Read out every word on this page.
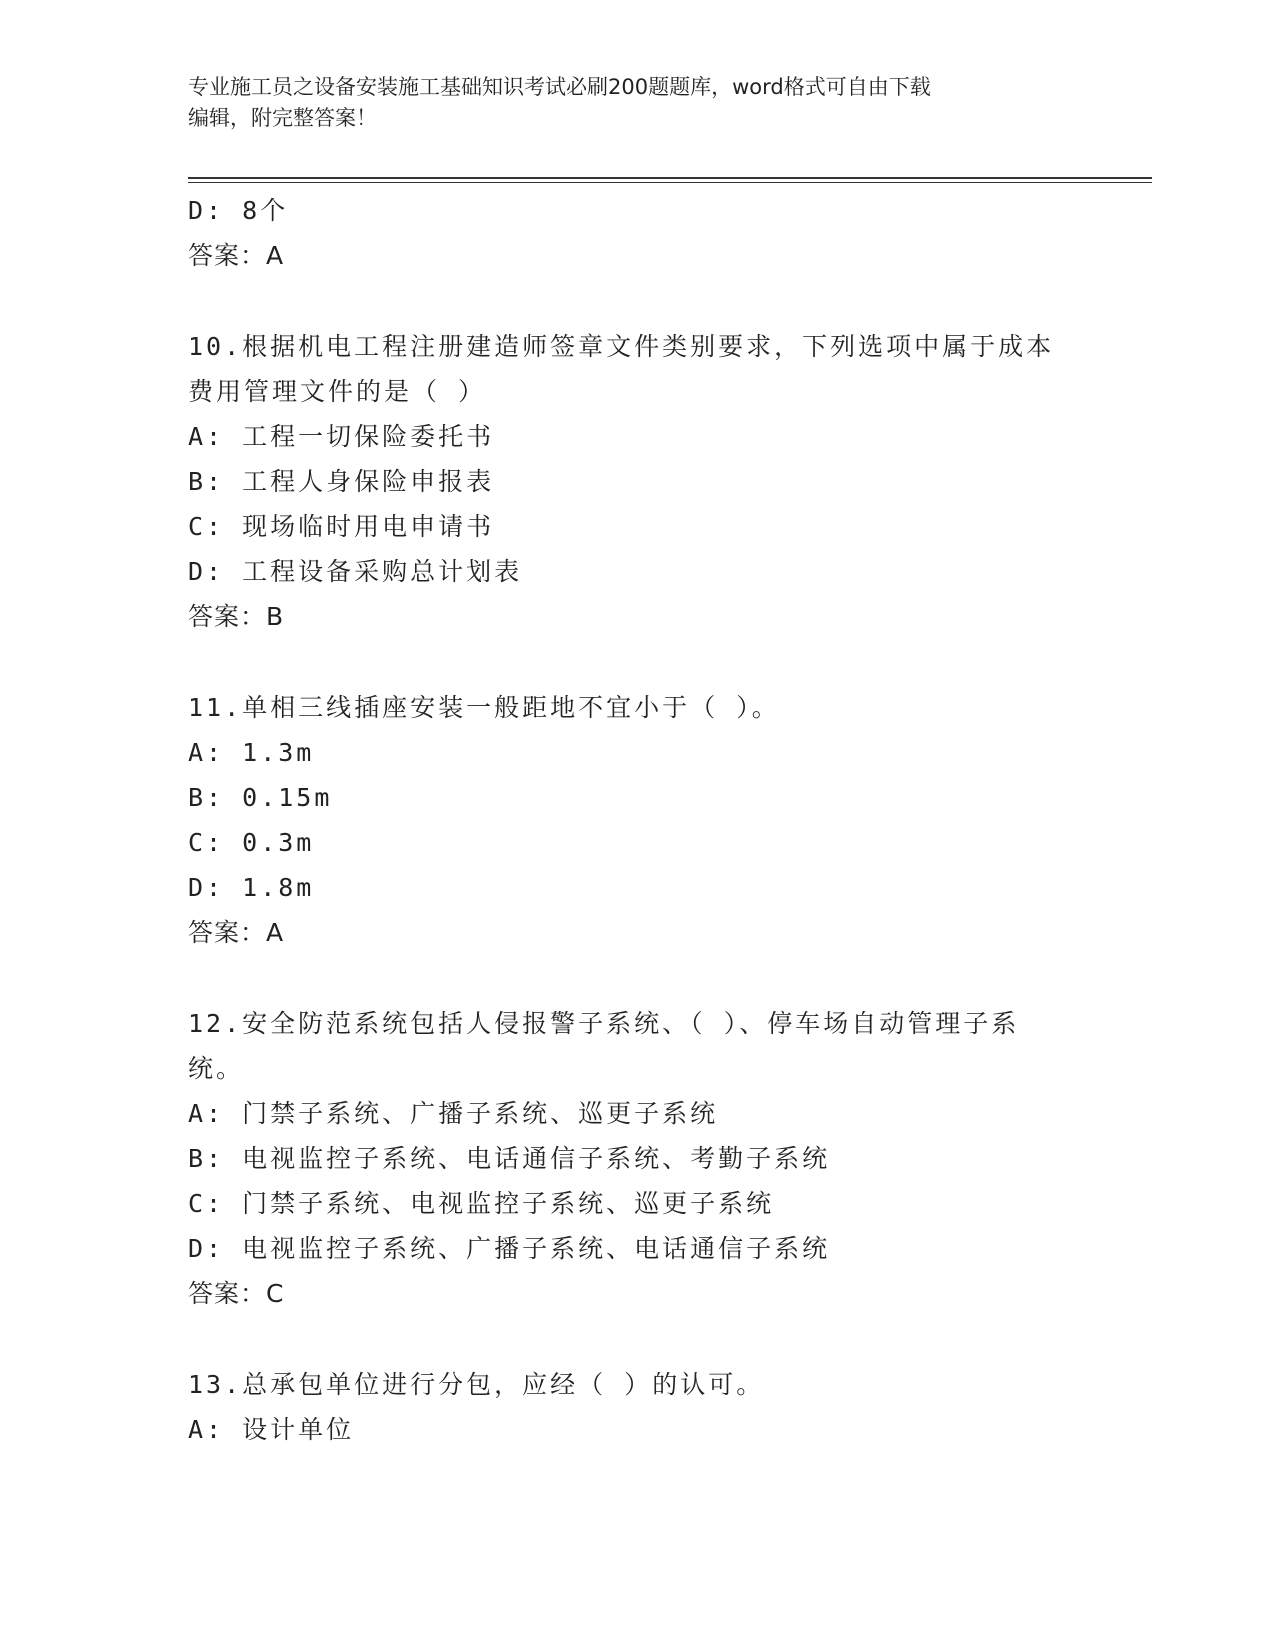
专业施工员之设备安装施工基础知识考试必刷200题题库，word格式可自由下载
编辑，附完整答案！
D: 8个
答案：A
10.根据机电工程注册建造师签章文件类别要求，下列选项中属于成本
费用管理文件的是（ ）
A: 工程一切保险委托书
B: 工程人身保险申报表
C: 现场临时用电申请书
D: 工程设备采购总计划表
答案：B
11.单相三线插座安装一般距地不宜小于（ ）。
A: 1.3m
B: 0.15m
C: 0.3m
D: 1.8m
答案：A
12.安全防范系统包括人侵报警子系统、（ ）、停车场自动管理子系
统。
A: 门禁子系统、广播子系统、巡更子系统
B: 电视监控子系统、电话通信子系统、考勤子系统
C: 门禁子系统、电视监控子系统、巡更子系统
D: 电视监控子系统、广播子系统、电话通信子系统
答案：C
13.总承包单位进行分包，应经（ ）的认可。
A: 设计单位
